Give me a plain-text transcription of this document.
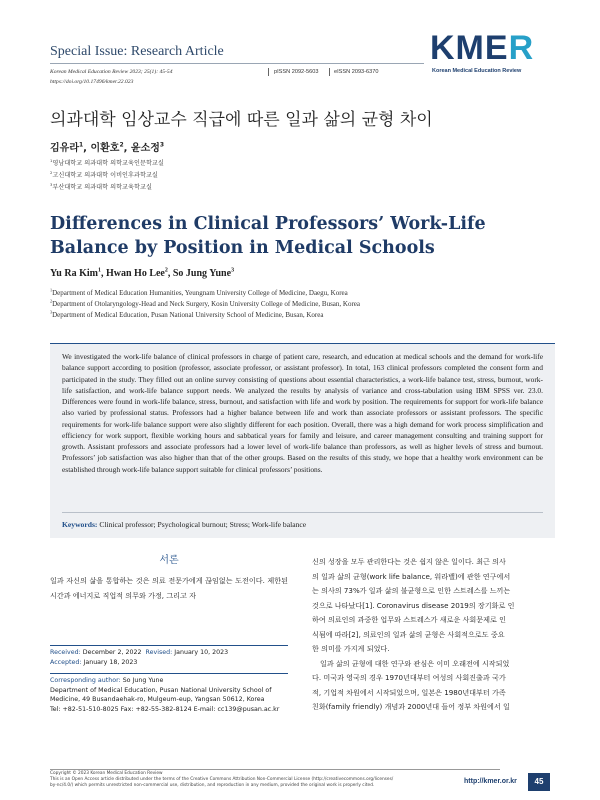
Special Issue: Research Article
Korean Medical Education Review 2023; 25(1): 45-54
https://doi.org/10.17496/kmer.22.023
pISSN 2092-5603	eISSN 2093-6370
KMER
Korean Medical Education Review
의과대학 임상교수 직급에 따른 일과 삶의 균형 차이
김유라$^1$, 이환호$^2$, 윤소정$^3$
$^1$영남대학교 의과대학 의학교육인문학교실
$^2$고신대학교 의과대학 이비인후과학교실
$^3$부산대학교 의과대학 의학교육학교실
Differences in Clinical Professors’ Work-Life Balance by Position in Medical Schools
Yu Ra Kim$^1$, Hwan Ho Lee$^2$, So Jung Yune$^3$
$^1$Department of Medical Education Humanities, Yeungnam University College of Medicine, Daegu, Korea
$^2$Department of Otolaryngology-Head and Neck Surgery, Kosin University College of Medicine, Busan, Korea
$^3$Department of Medical Education, Pusan National University School of Medicine, Busan, Korea
We investigated the work-life balance of clinical professors in charge of patient care, research, and education at medical schools and the demand for work-life balance support according to position (professor, associate professor, or assistant professor). In total, 163 clinical professors completed the consent form and participated in the study. They filled out an online survey consisting of questions about essential characteristics, a work-life balance test, stress, burnout, work-life satisfaction, and work-life balance support needs. We analyzed the results by analysis of variance and cross-tabulation using IBM SPSS ver. 23.0. Differences were found in work-life balance, stress, burnout, and satisfaction with life and work by position. The requirements for support for work-life balance also varied by professional status. Professors had a higher balance between life and work than associate professors or assistant professors. The specific requirements for work-life balance support were also slightly different for each position. Overall, there was a high demand for work process simplification and efficiency for work support, flexible working hours and sabbatical years for family and leisure, and career management consulting and training support for growth. Assistant professors and associate professors had a lower level of work-life balance than professors, as well as higher levels of stress and burnout. Professors’ job satisfaction was also higher than that of the other groups. Based on the results of this study, we hope that a healthy work environment can be established through work-life balance support suitable for clinical professors’ positions.
Keywords: Clinical professor; Psychological burnout; Stress; Work-life balance
서론
일과 자신의 삶을 통합하는 것은 의료 전문가에게 끊임없는 도전이다. 제한된 시간과 에너지로 직업적 의무와 가정, 그리고 자

신의 성장을 모두 관리한다는 것은 쉽지 않은 일이다. 최근 의사

의 일과 삶의 균형(work life balance, 워라밸)에 관한 연구에서

는 의사의 73%가 일과 삶의 불균형으로 인한 스트레스를 느끼는

것으로 나타났다[1]. Coronavirus disease 2019의 장기화로 인

하여 의료인의 과중한 업무와 스트레스가 새로운 사회문제로 인

식됨에 따라[2], 의료인의 일과 삶의 균형은 사회적으로도 중요

한 의미를 가지게 되었다.

일과 삶의 균형에 대한 연구와 관심은 이미 오래전에 시작되었

다. 미국과 영국의 경우 1970년대부터 여성의 사회진출과 국가

적, 기업적 차원에서 시작되었으며, 일본은 1980년대부터 가족

친화(family friendly) 개념과 2000년대 들어 정부 차원에서 일

Received: December 2, 2022 Revised: January 10, 2023
Accepted: January 18, 2023
Corresponding author: So Jung Yune
Department of Medical Education, Pusan National University School of
Medicine, 49 Busandaehak-ro, Mulgeum-eup, Yangsan 50612, Korea
Tel: +82-51-510-8025 Fax: +82-55-382-8124 E-mail: cc139@pusan.ac.kr
Copyright © 2023 Korean Medical Education Review
This is an Open Access article distributed under the terms of the Creative Commons Attribution Non-Commercial License (http://creativecommons.org/licenses/
by-nc/4.0/) which permits unrestricted non-commercial use, distribution, and reproduction in any medium, provided the original work is properly cited.
http://kmer.or.kr	45
